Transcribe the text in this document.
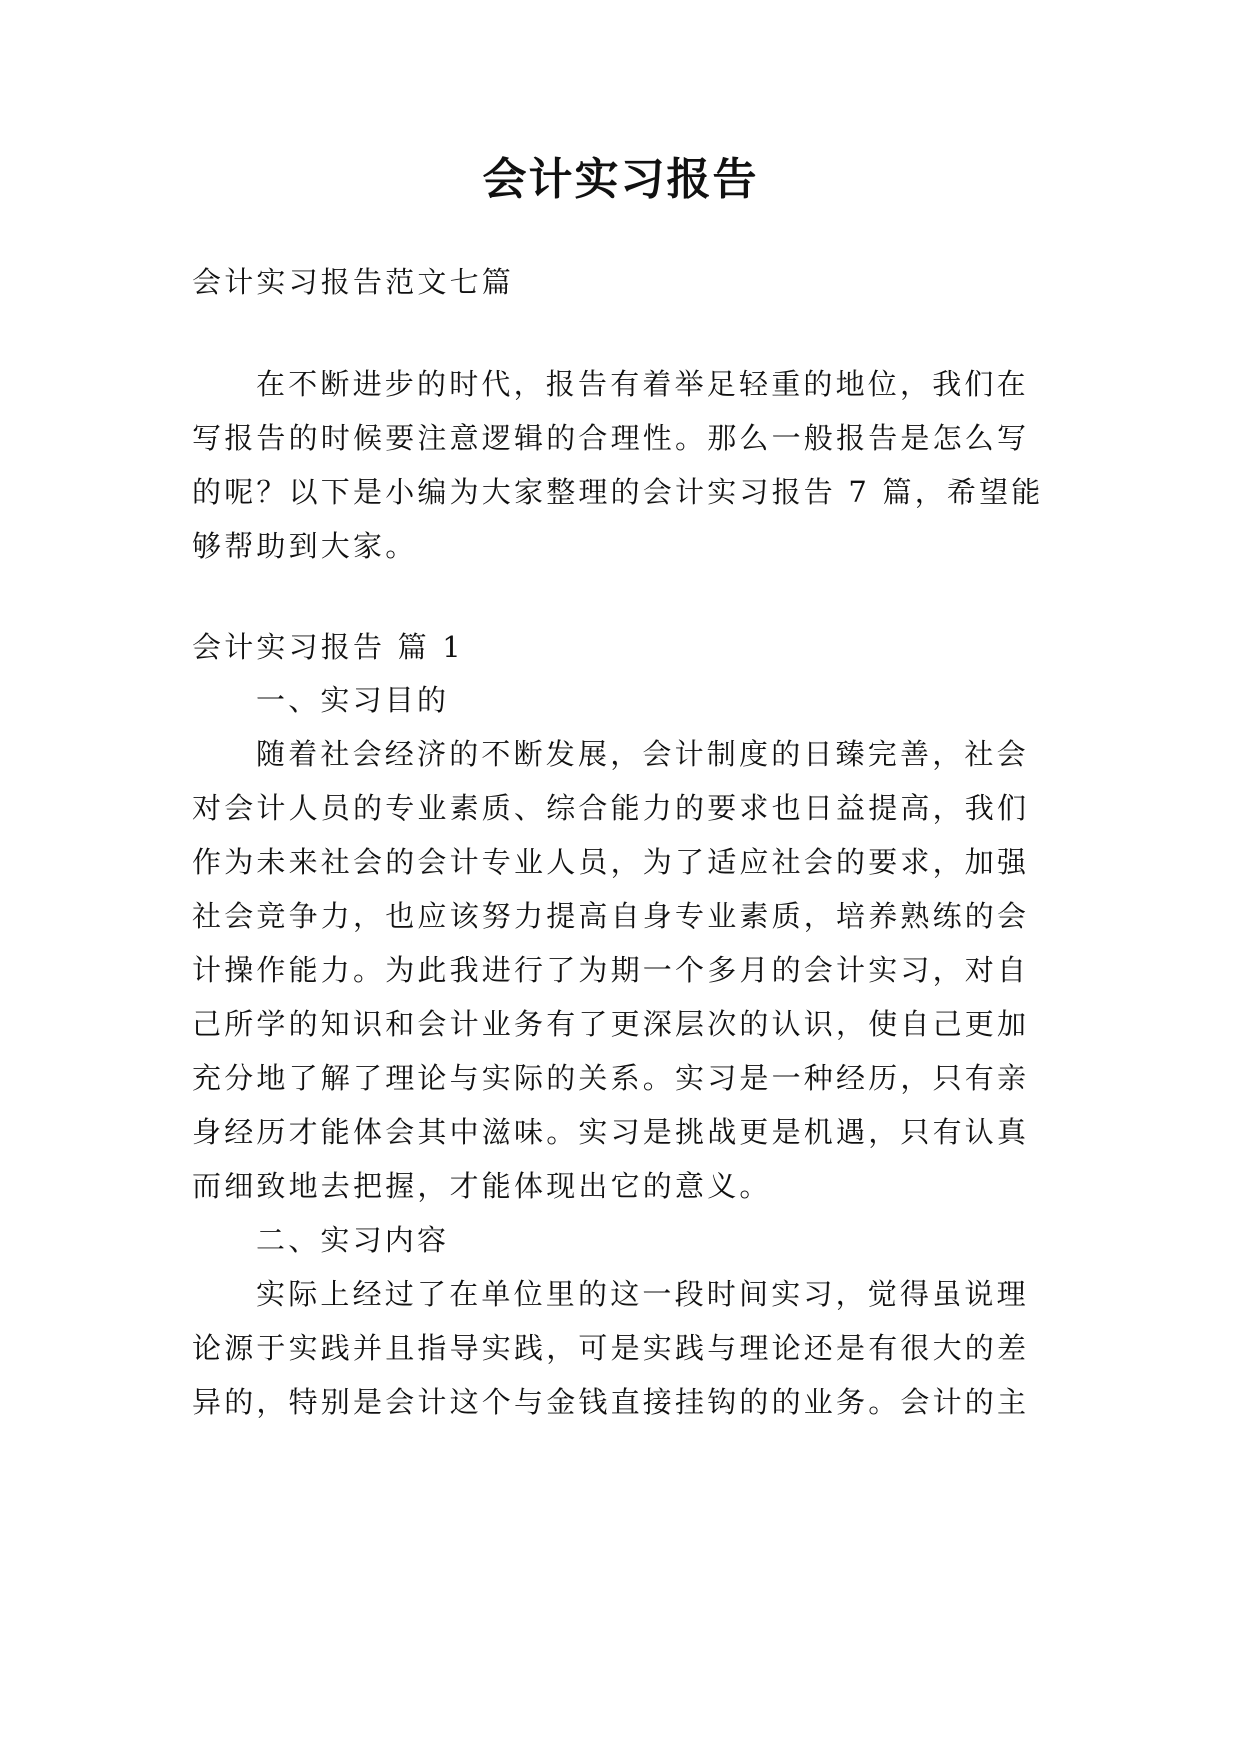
会计实习报告
会计实习报告范文七篇
在不断进步的时代，报告有着举足轻重的地位，我们在
写报告的时候要注意逻辑的合理性。那么一般报告是怎么写
的呢？以下是小编为大家整理的会计实习报告 7 篇，希望能
够帮助到大家。
会计实习报告 篇 1
一、实习目的
随着社会经济的不断发展，会计制度的日臻完善，社会
对会计人员的专业素质、综合能力的要求也日益提高，我们
作为未来社会的会计专业人员，为了适应社会的要求，加强
社会竞争力，也应该努力提高自身专业素质，培养熟练的会
计操作能力。为此我进行了为期一个多月的会计实习，对自
己所学的知识和会计业务有了更深层次的认识，使自己更加
充分地了解了理论与实际的关系。实习是一种经历，只有亲
身经历才能体会其中滋味。实习是挑战更是机遇，只有认真
而细致地去把握，才能体现出它的意义。
二、实习内容
实际上经过了在单位里的这一段时间实习，觉得虽说理
论源于实践并且指导实践，可是实践与理论还是有很大的差
异的，特别是会计这个与金钱直接挂钩的的业务。会计的主
